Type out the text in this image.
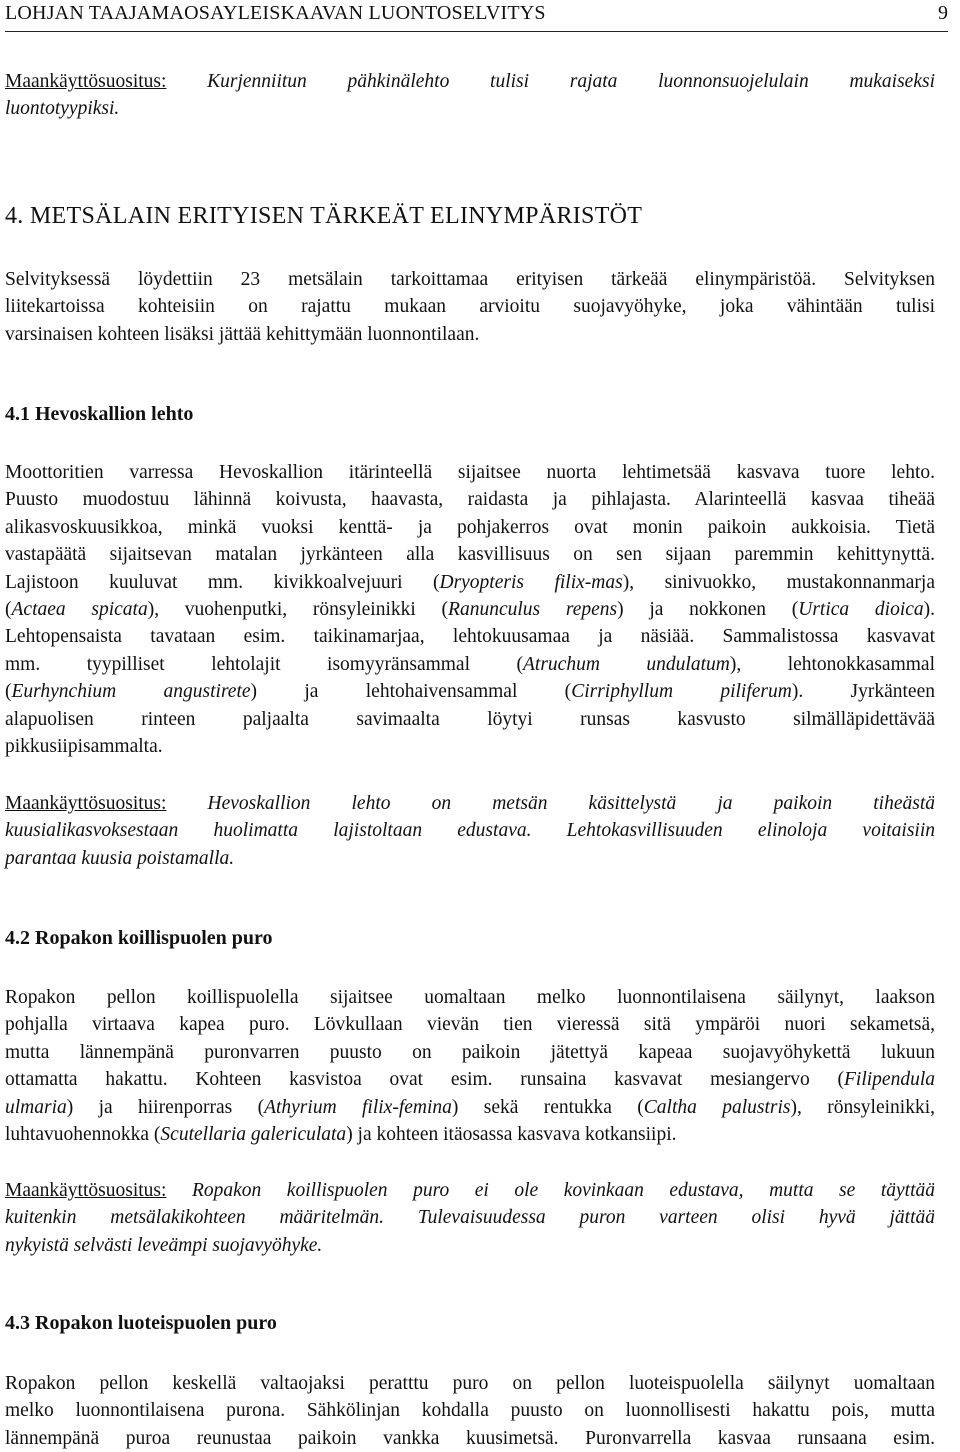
LOHJAN TAAJAMAOSAYLEISKAAVAN LUONTOSELVITYS	9

Maankäyttösuositus: Kurjenniitun pähkinälehto tulisi rajata luonnonsuojelulain mukaiseksi

luontotyypiksi.

4. METSÄLAIN ERITYISEN TÄRKEÄT ELINYMPÄRISTÖT

Selvityksessä löydettiin 23 metsälain tarkoittamaa erityisen tärkeää elinympäristöä. Selvityksen

liitekartoissa kohteisiin on rajattu mukaan arvioitu suojavyöhyke, joka vähintään tulisi

varsinaisen kohteen lisäksi jättää kehittymään luonnontilaan.

4.1 Hevoskallion lehto

Moottoritien varressa Hevoskallion itärinteellä sijaitsee nuorta lehtimetsää kasvava tuore lehto.

Puusto muodostuu lähinnä koivusta, haavasta, raidasta ja pihlajasta. Alarinteellä kasvaa tiheää

alikasvoskuusikkoa, minkä vuoksi kenttä- ja pohjakerros ovat monin paikoin aukkoisia. Tietä

vastapäätä sijaitsevan matalan jyrkänteen alla kasvillisuus on sen sijaan paremmin kehittynyttä.

Lajistoon kuuluvat mm. kivikkoalvejuuri (Dryopteris filix-mas), sinivuokko, mustakonnanmarja

(Actaea spicata), vuohenputki, rönsyleinikki (Ranunculus repens) ja nokkonen (Urtica dioica).

Lehtopensaista tavataan esim. taikinamarjaa, lehtokuusamaa ja näsiää. Sammalistossa kasvavat

mm. tyypilliset lehtolajit isomyyränsammal (Atruchum undulatum), lehtonokkasammal

(Eurhynchium angustirete) ja lehtohaivensammal (Cirriphyllum piliferum). Jyrkänteen

alapuolisen rinteen paljaalta savimaalta löytyi runsas kasvusto silmälläpidettävää

pikkusiipisammalta.

Maankäyttösuositus: Hevoskallion lehto on metsän käsittelystä ja paikoin tiheästä

kuusialikasvoksestaan huolimatta lajistoltaan edustava. Lehtokasvillisuuden elinoloja voitaisiin

parantaa kuusia poistamalla.

4.2 Ropakon koillispuolen puro

Ropakon pellon koillispuolella sijaitsee uomaltaan melko luonnontilaisena säilynyt, laakson

pohjalla virtaava kapea puro. Lövkullaan vievän tien vieressä sitä ympäröi nuori sekametsä,

mutta lännempänä puronvarren puusto on paikoin jätettyä kapeaa suojavyöhykettä lukuun

ottamatta hakattu. Kohteen kasvistoa ovat esim. runsaina kasvavat mesiangervo (Filipendula

ulmaria) ja hiirenporras (Athyrium filix-femina) sekä rentukka (Caltha palustris), rönsyleinikki,

luhtavuohennokka (Scutellaria galericulata) ja kohteen itäosassa kasvava kotkansiipi.

Maankäyttösuositus: Ropakon koillispuolen puro ei ole kovinkaan edustava, mutta se täyttää

kuitenkin metsälakikohteen määritelmän. Tulevaisuudessa puron varteen olisi hyvä jättää

nykyistä selvästi leveämpi suojavyöhyke.

4.3 Ropakon luoteispuolen puro

Ropakon pellon keskellä valtaojaksi peratttu puro on pellon luoteispuolella säilynyt uomaltaan

melko luonnontilaisena purona. Sähkölinjan kohdalla puusto on luonnollisesti hakattu pois, mutta

lännempänä puroa reunustaa paikoin vankka kuusimetsä. Puronvarrella kasvaa runsaana esim.
